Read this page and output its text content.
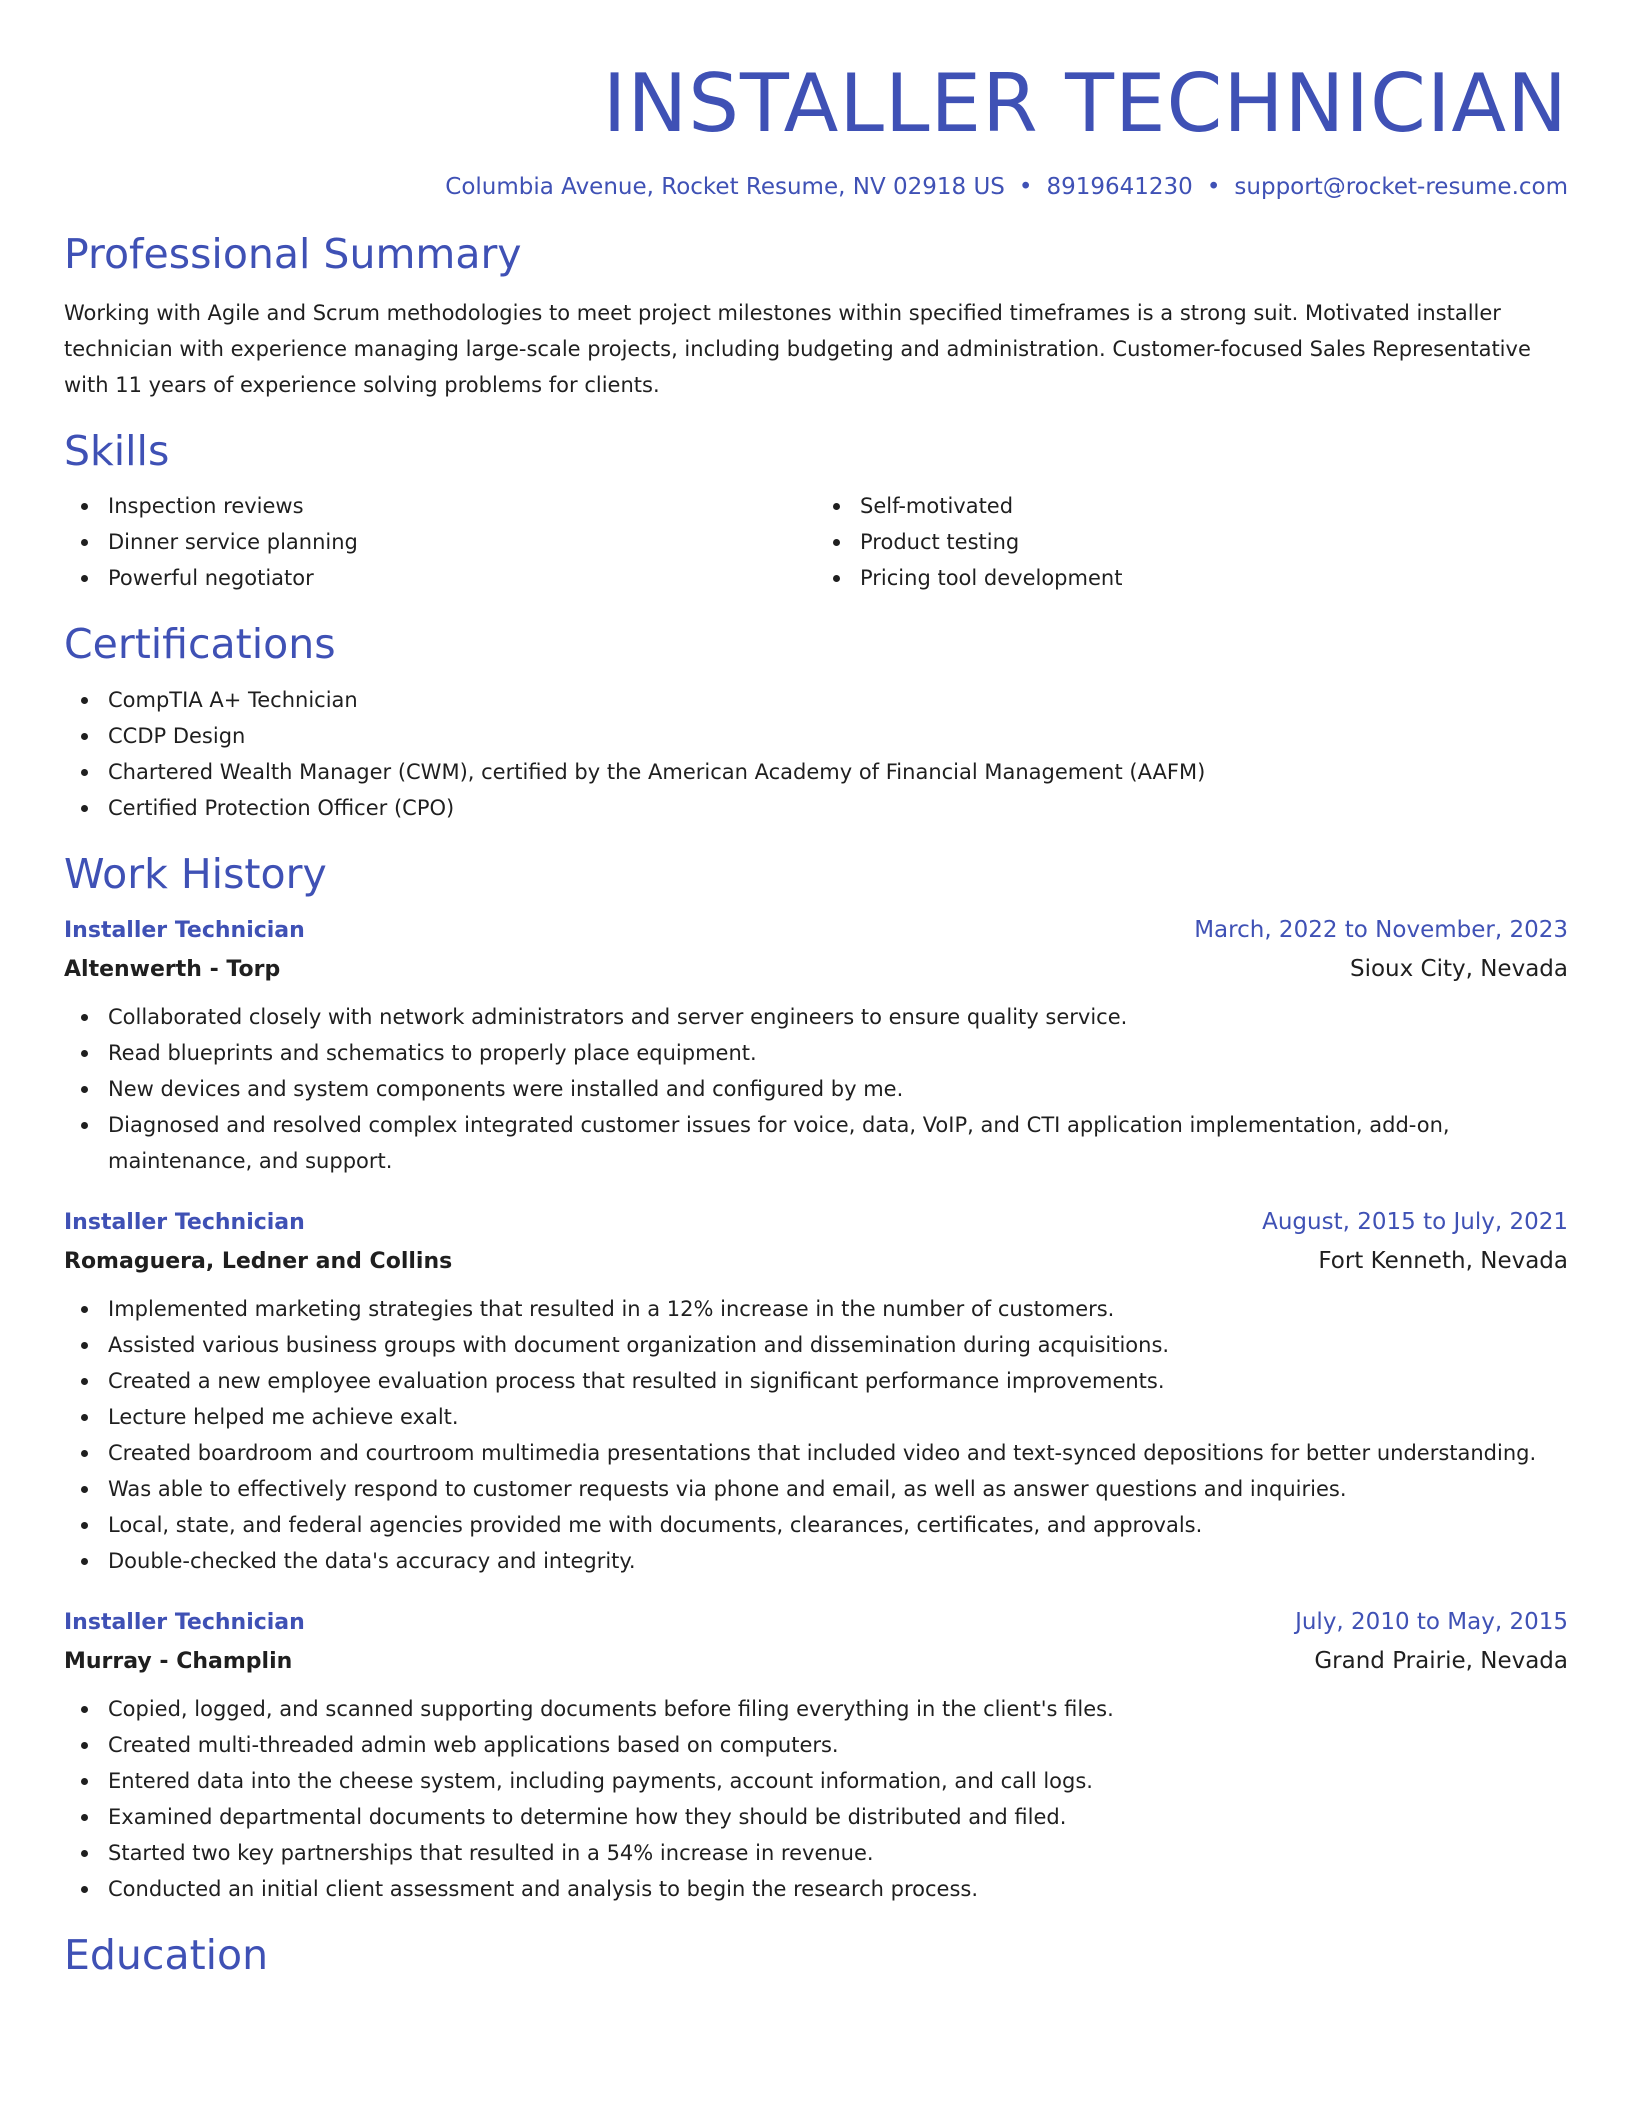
INSTALLER TECHNICIAN
Columbia Avenue, Rocket Resume, NV 02918 US • 8919641230 • support@rocket-resume.com
Professional Summary

Working with Agile and Scrum methodologies to meet project milestones within specified timeframes is a strong suit. Motivated installer technician with experience managing large-scale projects, including budgeting and administration. Customer-focused Sales Representative with 11 years of experience solving problems for clients.

Skills
Inspection reviews
Dinner service planning
Powerful negotiator
Self-motivated
Product testing
Pricing tool development
Certifications
CompTIA A+ Technician
CCDP Design
Chartered Wealth Manager (CWM), certified by the American Academy of Financial Management (AAFM)
Certified Protection Officer (CPO)
Work History
Installer Technician	March, 2022 to November, 2023
Altenwerth - Torp	Sioux City, Nevada
Collaborated closely with network administrators and server engineers to ensure quality service.
Read blueprints and schematics to properly place equipment.
New devices and system components were installed and configured by me.
Diagnosed and resolved complex integrated customer issues for voice, data, VoIP, and CTI application implementation, add-on, maintenance, and support.
Installer Technician	August, 2015 to July, 2021
Romaguera, Ledner and Collins	Fort Kenneth, Nevada
Implemented marketing strategies that resulted in a 12% increase in the number of customers.
Assisted various business groups with document organization and dissemination during acquisitions.
Created a new employee evaluation process that resulted in significant performance improvements.
Lecture helped me achieve exalt.
Created boardroom and courtroom multimedia presentations that included video and text-synced depositions for better understanding.
Was able to effectively respond to customer requests via phone and email, as well as answer questions and inquiries.
Local, state, and federal agencies provided me with documents, clearances, certificates, and approvals.
Double-checked the data's accuracy and integrity.
Installer Technician	July, 2010 to May, 2015
Murray - Champlin	Grand Prairie, Nevada
Copied, logged, and scanned supporting documents before filing everything in the client's files.
Created multi-threaded admin web applications based on computers.
Entered data into the cheese system, including payments, account information, and call logs.
Examined departmental documents to determine how they should be distributed and filed.
Started two key partnerships that resulted in a 54% increase in revenue.
Conducted an initial client assessment and analysis to begin the research process.
Education
